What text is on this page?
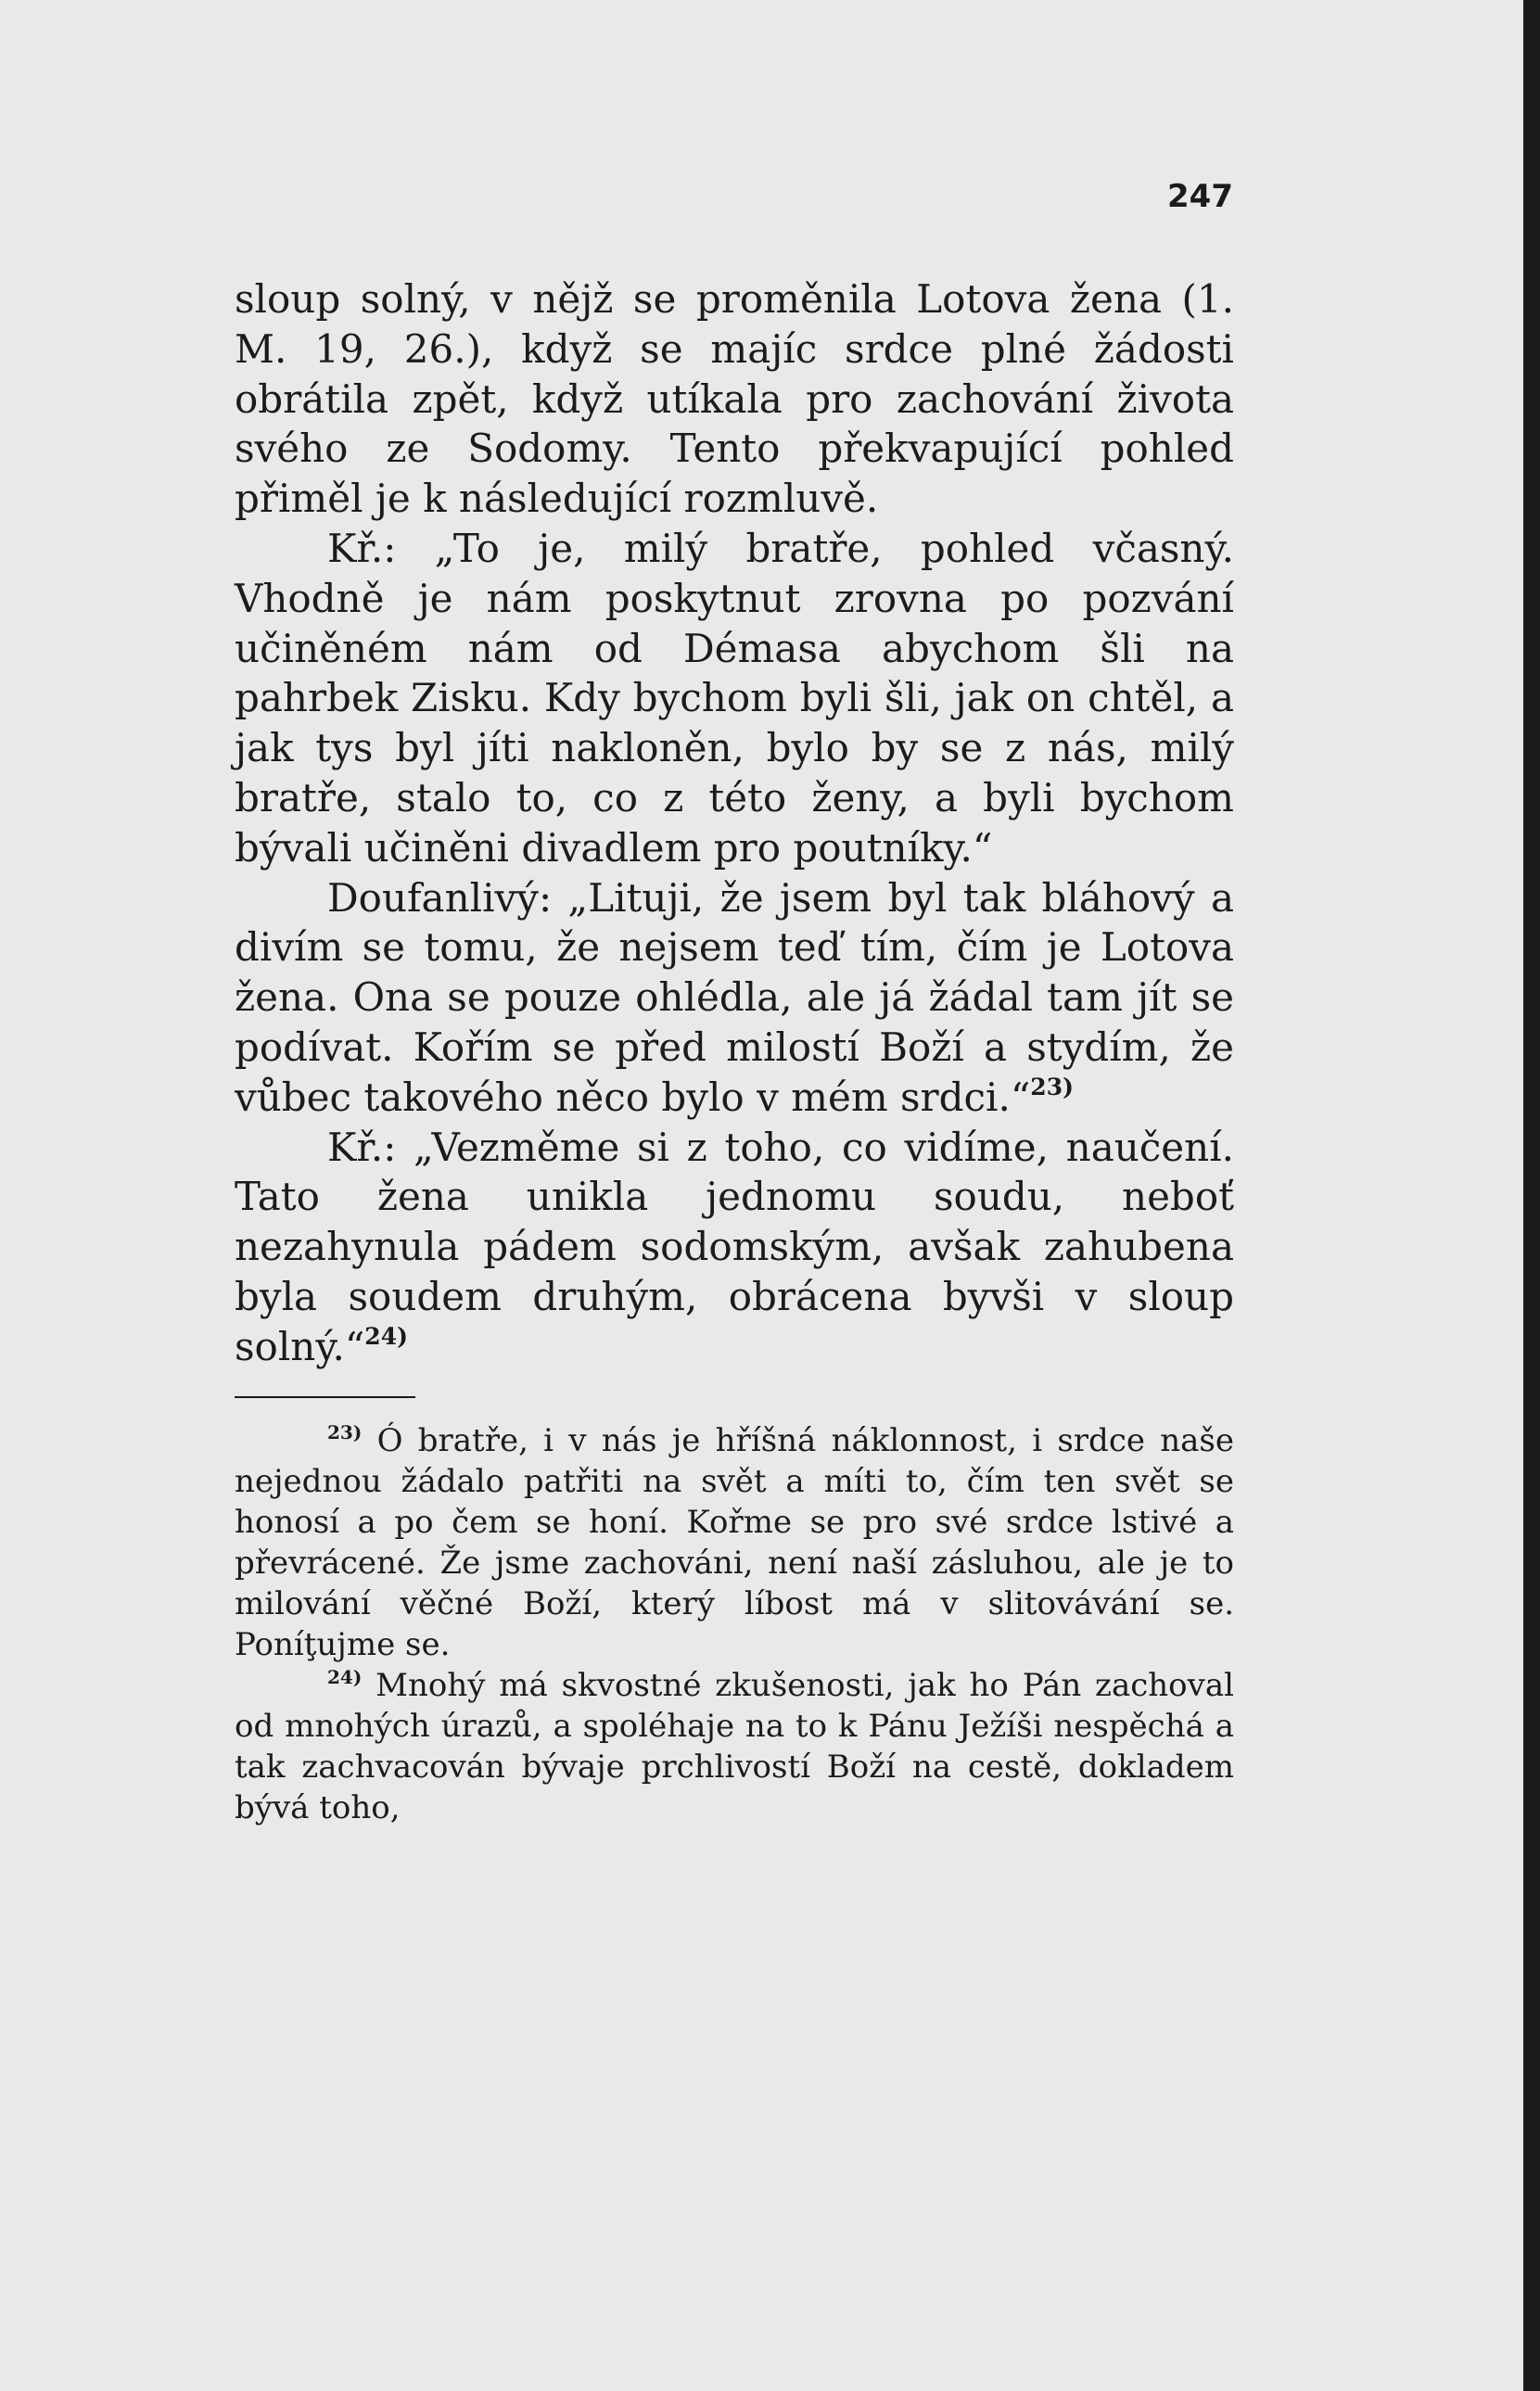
247

sloup solný, v nějž se proměnila Lotova žena (1. M. 19, 26.), když se majíc srdce plné žádosti obrátila zpět, když utíkala pro zachování života svého ze Sodomy. Tento překvapující pohled přiměl je k následující rozmluvě.

Kř.: „To je, milý bratře, pohled včasný. Vhodně je nám poskytnut zrovna po pozvání učiněném nám od Démasa abychom šli na pahrbek Zisku. Kdy bychom byli šli, jak on chtěl, a jak tys byl jíti nakloněn, bylo by se z nás, milý bratře, stalo to, co z této ženy, a byli bychom bývali učiněni divadlem pro poutníky.“

Doufanlivý: „Lituji, že jsem byl tak bláhový a divím se tomu, že nejsem teď tím, čím je Lotova žena. Ona se pouze ohlédla, ale já žádal tam jít se podívat. Kořím se před milostí Boží a stydím, že vůbec takového něco bylo v mém srdci.“$^{23)}$

Kř.: „Vezměme si z toho, co vidíme, naučení. Tato žena unikla jednomu soudu, neboť nezahynula pádem sodomským, avšak zahubena byla soudem druhým, obrácena byvši v sloup solný.“$^{24)}$

$^{23)}$ Ó bratře, i v nás je hříšná náklonnost, i srdce naše nejednou žádalo patřiti na svět a míti to, čím ten svět se honosí a po čem se honí. Kořme se pro své srdce lstivé a převrácené. Že jsme zachováni, není naší zásluhou, ale je to milování věčné Boží, který líbost má v slitovávání se. Poníţujme se.

$^{24)}$ Mnohý má skvostné zkušenosti, jak ho Pán zachoval od mnohých úrazů, a spoléhaje na to k Pánu Ježíši nespěchá a tak zachvacován bývaje prchlivostí Boží na cestě, dokladem bývá toho,
